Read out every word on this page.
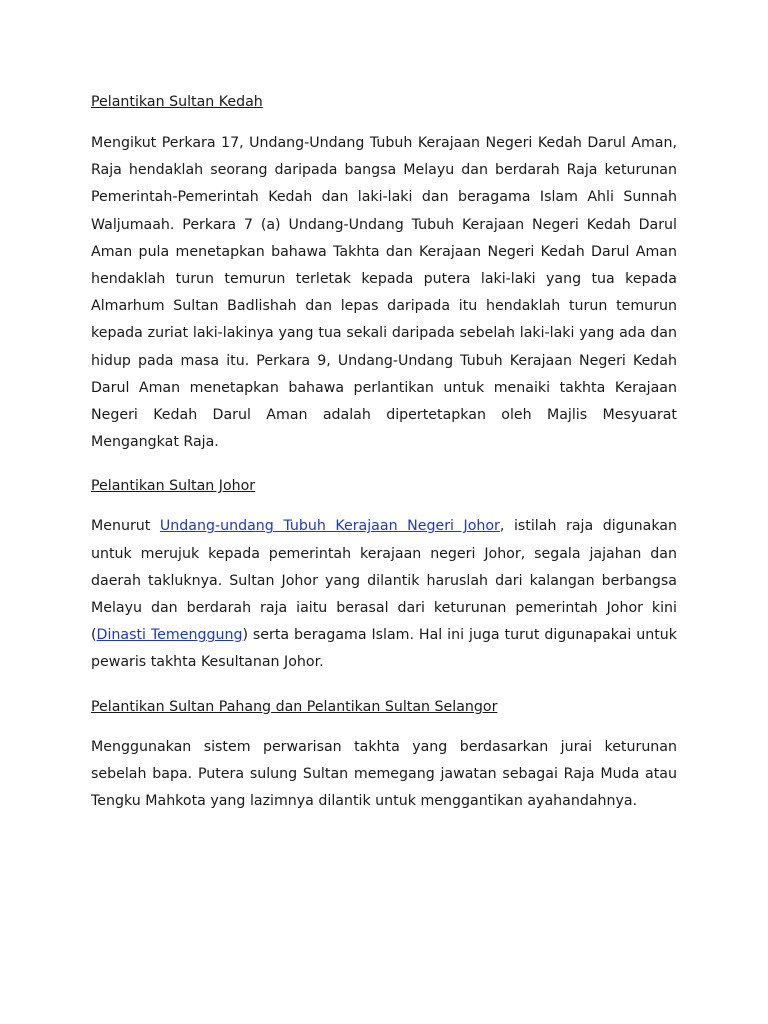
Pelantikan Sultan Kedah

Mengikut Perkara 17, Undang-Undang Tubuh Kerajaan Negeri Kedah Darul Aman, Raja hendaklah seorang daripada bangsa Melayu dan berdarah Raja keturunan Pemerintah-Pemerintah Kedah dan laki-laki dan beragama Islam Ahli Sunnah Waljumaah. Perkara 7 (a) Undang-Undang Tubuh Kerajaan Negeri Kedah Darul Aman pula menetapkan bahawa Takhta dan Kerajaan Negeri Kedah Darul Aman hendaklah turun temurun terletak kepada putera laki-laki yang tua kepada Almarhum Sultan Badlishah dan lepas daripada itu hendaklah turun temurun kepada zuriat laki-lakinya yang tua sekali daripada sebelah laki-laki yang ada dan hidup pada masa itu. Perkara 9, Undang-Undang Tubuh Kerajaan Negeri Kedah Darul Aman menetapkan bahawa perlantikan untuk menaiki takhta Kerajaan Negeri Kedah Darul Aman adalah dipertetapkan oleh Majlis Mesyuarat Mengangkat Raja.

Pelantikan Sultan Johor

Menurut Undang-undang Tubuh Kerajaan Negeri Johor, istilah raja digunakan untuk merujuk kepada pemerintah kerajaan negeri Johor, segala jajahan dan daerah takluknya. Sultan Johor yang dilantik haruslah dari kalangan berbangsa Melayu dan berdarah raja iaitu berasal dari keturunan pemerintah Johor kini (Dinasti Temenggung) serta beragama Islam. Hal ini juga turut digunapakai untuk pewaris takhta Kesultanan Johor.

Pelantikan Sultan Pahang dan Pelantikan Sultan Selangor

Menggunakan sistem perwarisan takhta yang berdasarkan jurai keturunan sebelah bapa. Putera sulung Sultan memegang jawatan sebagai Raja Muda atau Tengku Mahkota yang lazimnya dilantik untuk menggantikan ayahandahnya.
